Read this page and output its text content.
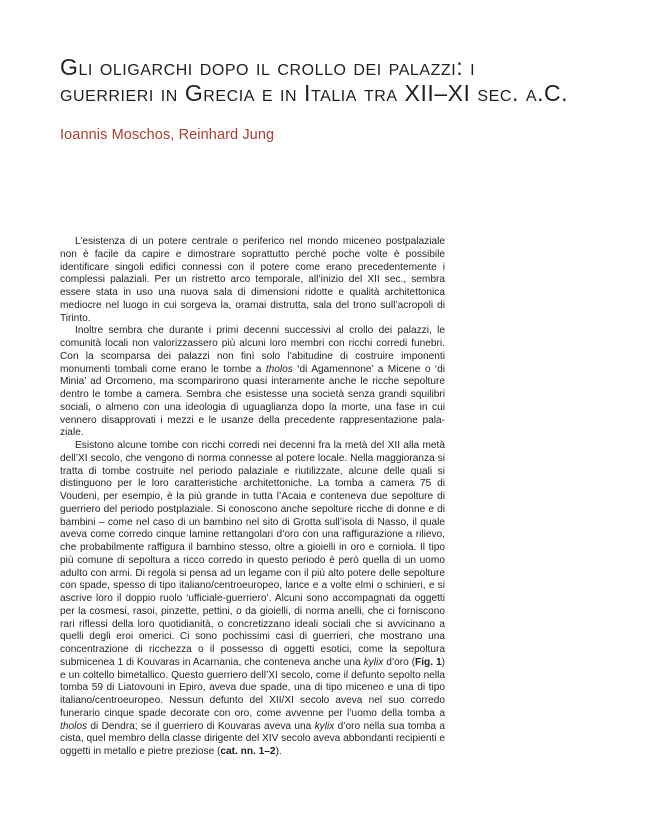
Gli oligarchi dopo il crollo dei palazzi: i
guerrieri in Grecia e in Italia tra XII–XI sec. a.C.
Ioannis Moschos, Reinhard Jung

L’esistenza di un potere centrale o periferico nel mondo miceneo postpalaziale non è facile da capire e dimostrare soprattutto perché poche volte è possibile identificare singoli edifici connessi con il potere come erano precedentemente i complessi palaziali. Per un ristretto arco temporale, all’inizio del XII sec., sembra essere stata in uso una nuova sala di dimensioni ridotte e qualità architettonica mediocre nel luogo in cui sorgeva la, oramai distrutta, sala del trono sull’acropoli di Tirinto.

Inoltre sembra che durante i primi decenni successivi al crollo dei palazzi, le comunità locali non valorizzassero più alcuni loro membri con ricchi corredi funebri. Con la scomparsa dei palazzi non finì solo l’abitudine di costruire imponenti monumenti tombali come erano le tombe a tholos ‘di Agamennone’ a Micene o ‘di Minia’ ad Orcomeno, ma scomparirono quasi interamente anche le ricche sepolture dentro le tombe a camera. Sembra che esistesse una società senza grandi squilibri sociali, o almeno con una ideologia di uguaglianza dopo la morte, una fase in cui vennero disapprovati i mezzi e le usanze della precedente rappresentazione palaziale.

Esistono alcune tombe con ricchi corredi nei decenni fra la metà del XII alla metà dell’XI secolo, che vengono di norma connesse al potere locale. Nella maggioranza si tratta di tombe costruite nel periodo palaziale e riutilizzate, alcune delle quali si distinguono per le loro caratteristiche architettoniche. La tomba a camera 75 di Voudeni, per esempio, è la più grande in tutta l’Acaia e conteneva due sepolture di guerriero del periodo postplaziale. Si conoscono anche sepolture ricche di donne e di bambini – come nel caso di un bambino nel sito di Grotta sull’isola di Nasso, il quale aveva come corredo cinque lamine rettangolari d’oro con una raffigurazione a rilievo, che probabilmente raffigura il bambino stesso, oltre a gioielli in oro e corniola. Il tipo più comune di sepoltura a ricco corredo in questo periodo è però quella di un uomo adulto con armi. Di regola si pensa ad un legame con il più alto potere delle sepolture con spade, spesso di tipo italiano/centroeuropeo, lance e a volte elmi o schinieri, e si ascrive loro il doppio ruolo ‘ufficiale-guerriero’. Alcuni sono accompagnati da oggetti per la cosmesi, rasoi, pinzette, pettini, o da gioielli, di norma anelli, che ci forniscono rari riflessi della loro quotidianità, o concretizzano ideali sociali che si avvicinano a quelli degli eroi omerici. Ci sono pochissimi casi di guerrieri, che mostrano una concentrazione di ricchezza o il possesso di oggetti esotici, come la sepoltura submicenea 1 di Kouvaras in Acarnania, che conteneva anche una kylix d’oro (Fig. 1) e un coltello bimetallico. Questo guerriero dell’XI secolo, come il defunto sepolto nella tomba 59 di Liatovouni in Epiro, aveva due spade, una di tipo miceneo e una di tipo italiano/centroeuropeo. Nessun defunto del XII/XI secolo aveva nel suo corredo funerario cinque spade decorate con oro, come avvenne per l’uomo della tomba a tholos di Dendra; se il guerriero di Kouvaras aveva una kylix d’oro nella sua tomba a cista, quel membro della classe dirigente del XIV secolo aveva abbondanti recipienti e oggetti in metallo e pietre preziose (cat. nn. 1–2).
